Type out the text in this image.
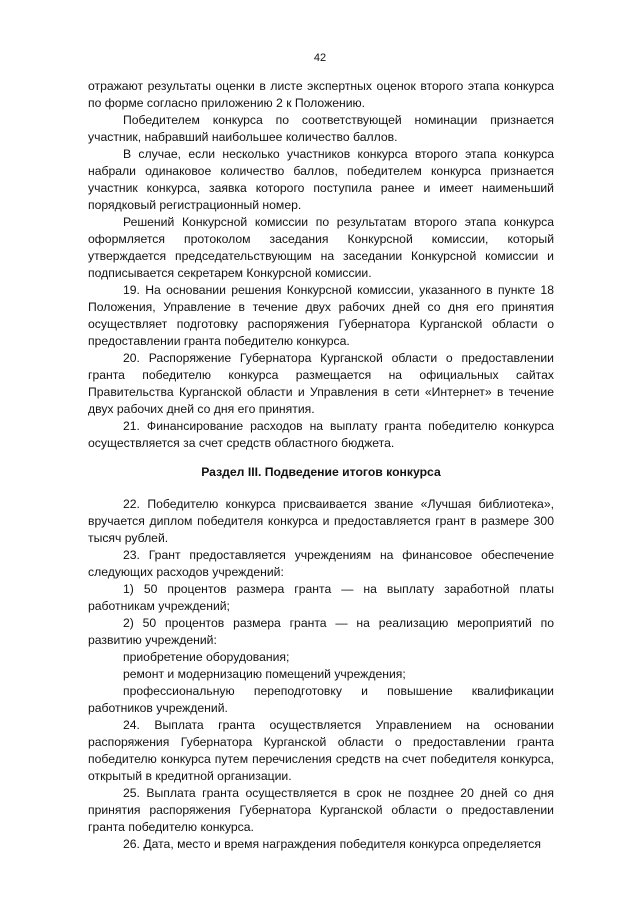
42

отражают результаты оценки в листе экспертных оценок второго этапа конкурса по форме согласно приложению 2 к Положению.

Победителем конкурса по соответствующей номинации признается участник, набравший наибольшее количество баллов.

В случае, если несколько участников конкурса второго этапа конкурса набрали одинаковое количество баллов, победителем конкурса признается участник конкурса, заявка которого поступила ранее и имеет наименьший порядковый регистрационный номер.

Решений Конкурсной комиссии по результатам второго этапа конкурса оформляется протоколом заседания Конкурсной комиссии, который утверждается председательствующим на заседании Конкурсной комиссии и подписывается секретарем Конкурсной комиссии.

19. На основании решения Конкурсной комиссии, указанного в пункте 18 Положения, Управление в течение двух рабочих дней со дня его принятия осуществляет подготовку распоряжения Губернатора Курганской области о предоставлении гранта победителю конкурса.

20. Распоряжение Губернатора Курганской области о предоставлении гранта победителю конкурса размещается на официальных сайтах Правительства Курганской области и Управления в сети «Интернет» в течение двух рабочих дней со дня его принятия.

21. Финансирование расходов на выплату гранта победителю конкурса осуществляется за счет средств областного бюджета.

Раздел III. Подведение итогов конкурса

22. Победителю конкурса присваивается звание «Лучшая библиотека», вручается диплом победителя конкурса и предоставляется грант в размере 300 тысяч рублей.

23. Грант предоставляется учреждениям на финансовое обеспечение следующих расходов учреждений:

1) 50 процентов размера гранта — на выплату заработной платы работникам учреждений;

2) 50 процентов размера гранта — на реализацию мероприятий по развитию учреждений:

приобретение оборудования;

ремонт и модернизацию помещений учреждения;

профессиональную переподготовку и повышение квалификации работников учреждений.

24. Выплата гранта осуществляется Управлением на основании распоряжения Губернатора Курганской области о предоставлении гранта победителю конкурса путем перечисления средств на счет победителя конкурса, открытый в кредитной организации.

25. Выплата гранта осуществляется в срок не позднее 20 дней со дня принятия распоряжения Губернатора Курганской области о предоставлении гранта победителю конкурса.

26. Дата, место и время награждения победителя конкурса определяется
